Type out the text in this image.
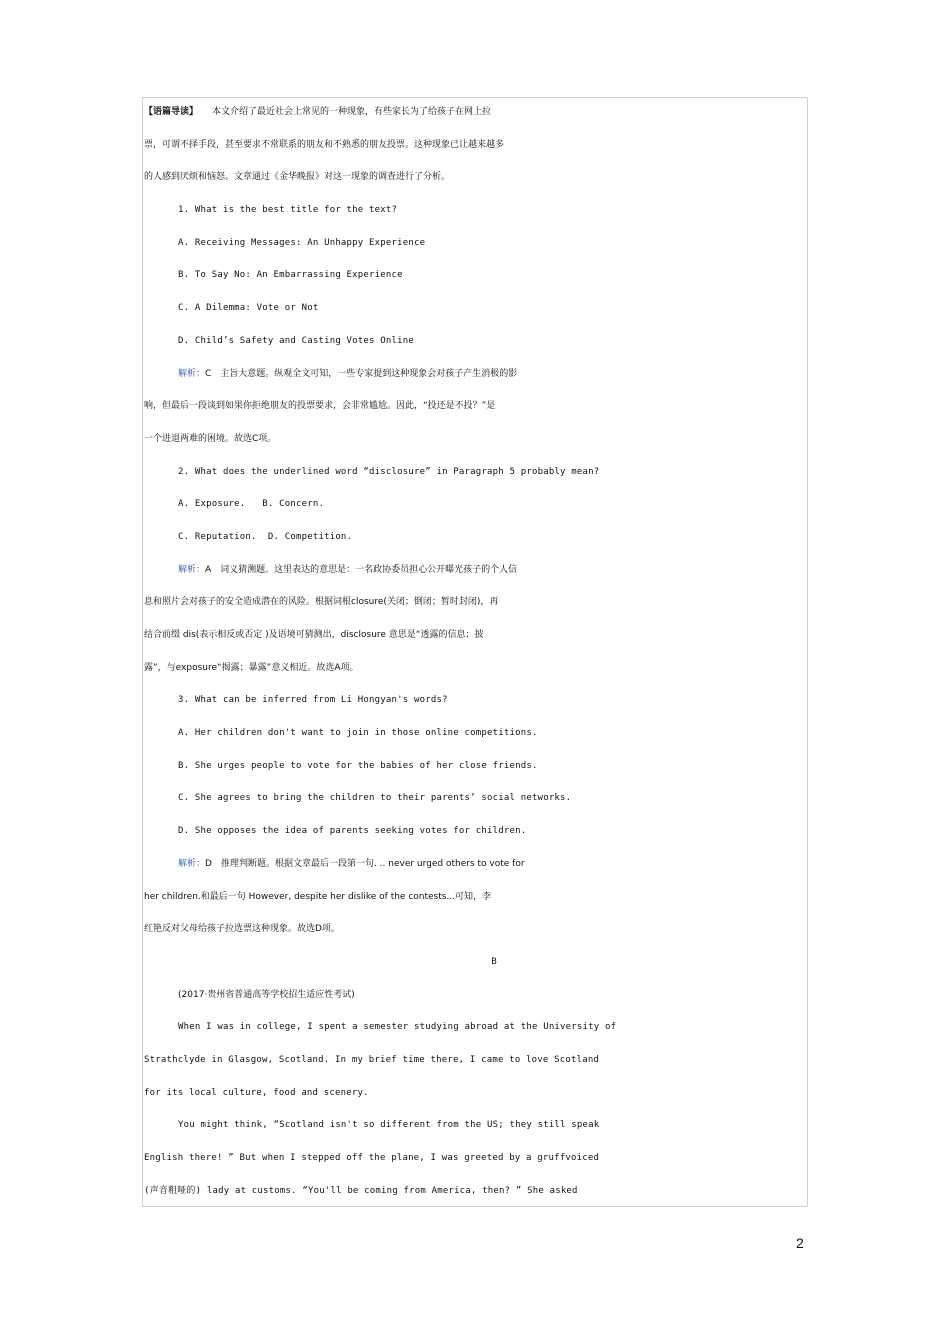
【语篇导读】 本文介绍了最近社会上常见的一种现象，有些家长为了给孩子在网上拉
票，可谓不择手段，甚至要求不常联系的朋友和不熟悉的朋友投票。这种现象已让越来越多
的人感到厌烦和恼怒。文章通过《金华晚报》对这一现象的调查进行了分析。
1. What is the best title for the text?
A. Receiving Messages: An Unhappy Experience
B. To Say No: An Embarrassing Experience
C. A Dilemma: Vote or Not
D. Child’s Safety and Casting Votes Online
解析：C　主旨大意题。纵观全文可知，一些专家提到这种现象会对孩子产生消极的影
响，但最后一段谈到如果你拒绝朋友的投票要求，会非常尴尬。因此，“投还是不投？”是
一个进退两难的困境。故选C项。
2. What does the underlined word “disclosure” in Paragraph 5 probably mean?
A. Exposure.   B. Concern.
C. Reputation.  D. Competition.
解析：A　词义猜测题。这里表达的意思是：一名政协委员担心公开曝光孩子的个人信
息和照片会对孩子的安全造成潜在的风险。根据词根closure(关闭；倒闭；暂时封闭)，再
结合前缀 dis(表示相反或否定 )及语境可猜测出，disclosure 意思是“透露的信息；披
露”，与exposure“揭露；暴露”意义相近。故选A项。
3. What can be inferred from Li Hongyan's words?
A. Her children don't want to join in those online competitions.
B. She urges people to vote for the babies of her close friends.
C. She agrees to bring the children to their parents’ social networks.
D. She opposes the idea of parents seeking votes for children.
解析：D　推理判断题。根据文章最后一段第一句. .. never urged others to vote for
her children.和最后一句 However, despite her dislike of the contests...可知，李
红艳反对父母给孩子拉选票这种现象。故选D项。
B
(2017·贵州省普通高等学校招生适应性考试)
When I was in college, I spent a semester studying abroad at the University of
Strathclyde in Glasgow, Scotland. In my brief time there, I came to love Scotland
for its local culture, food and scenery.
You might think, “Scotland isn't so different from the US; they still speak
English there! ” But when I stepped off the plane, I was greeted by a gruffvoiced
(声音粗哑的) lady at customs. “You'll be coming from America, then? ” She asked
2
